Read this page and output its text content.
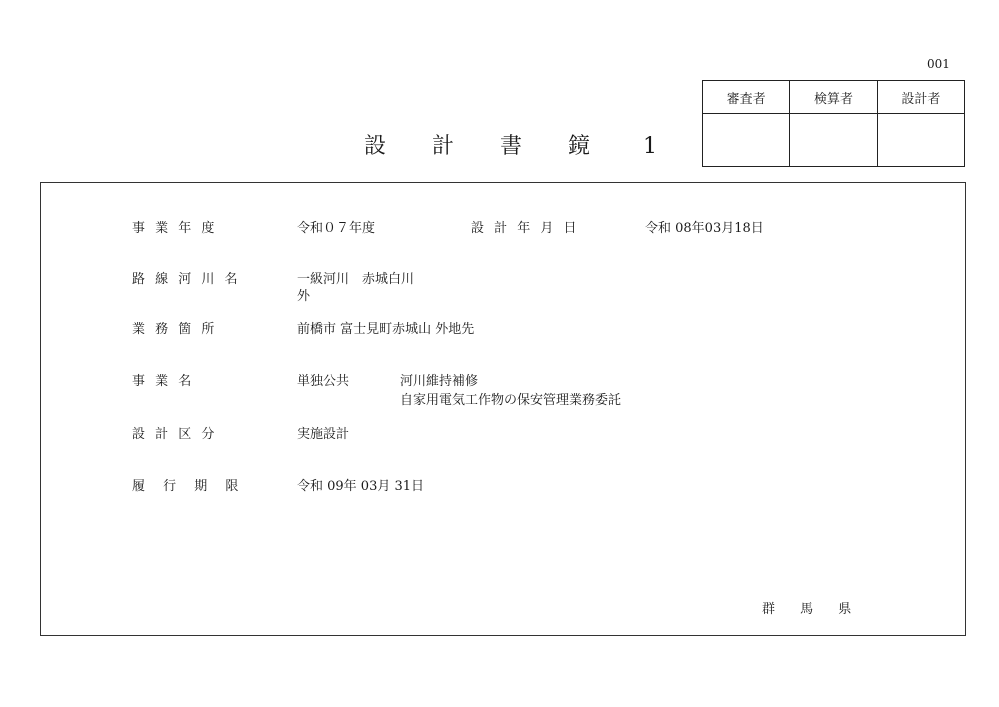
001
審査者	検算者	設計者

設 計 書 鏡 1
事 業 年 度	令和０７年度	設 計 年 月 日	令和 08年03月18日
路 線 河 川 名	一級河川　赤城白川
外
業 務 箇 所	前橋市 富士見町赤城山 外地先
事 業 名	単独公共	河川維持補修
自家用電気工作物の保安管理業務委託
設 計 区 分	実施設計
履 行 期 限	令和 09年 03月 31日
群 馬 県
